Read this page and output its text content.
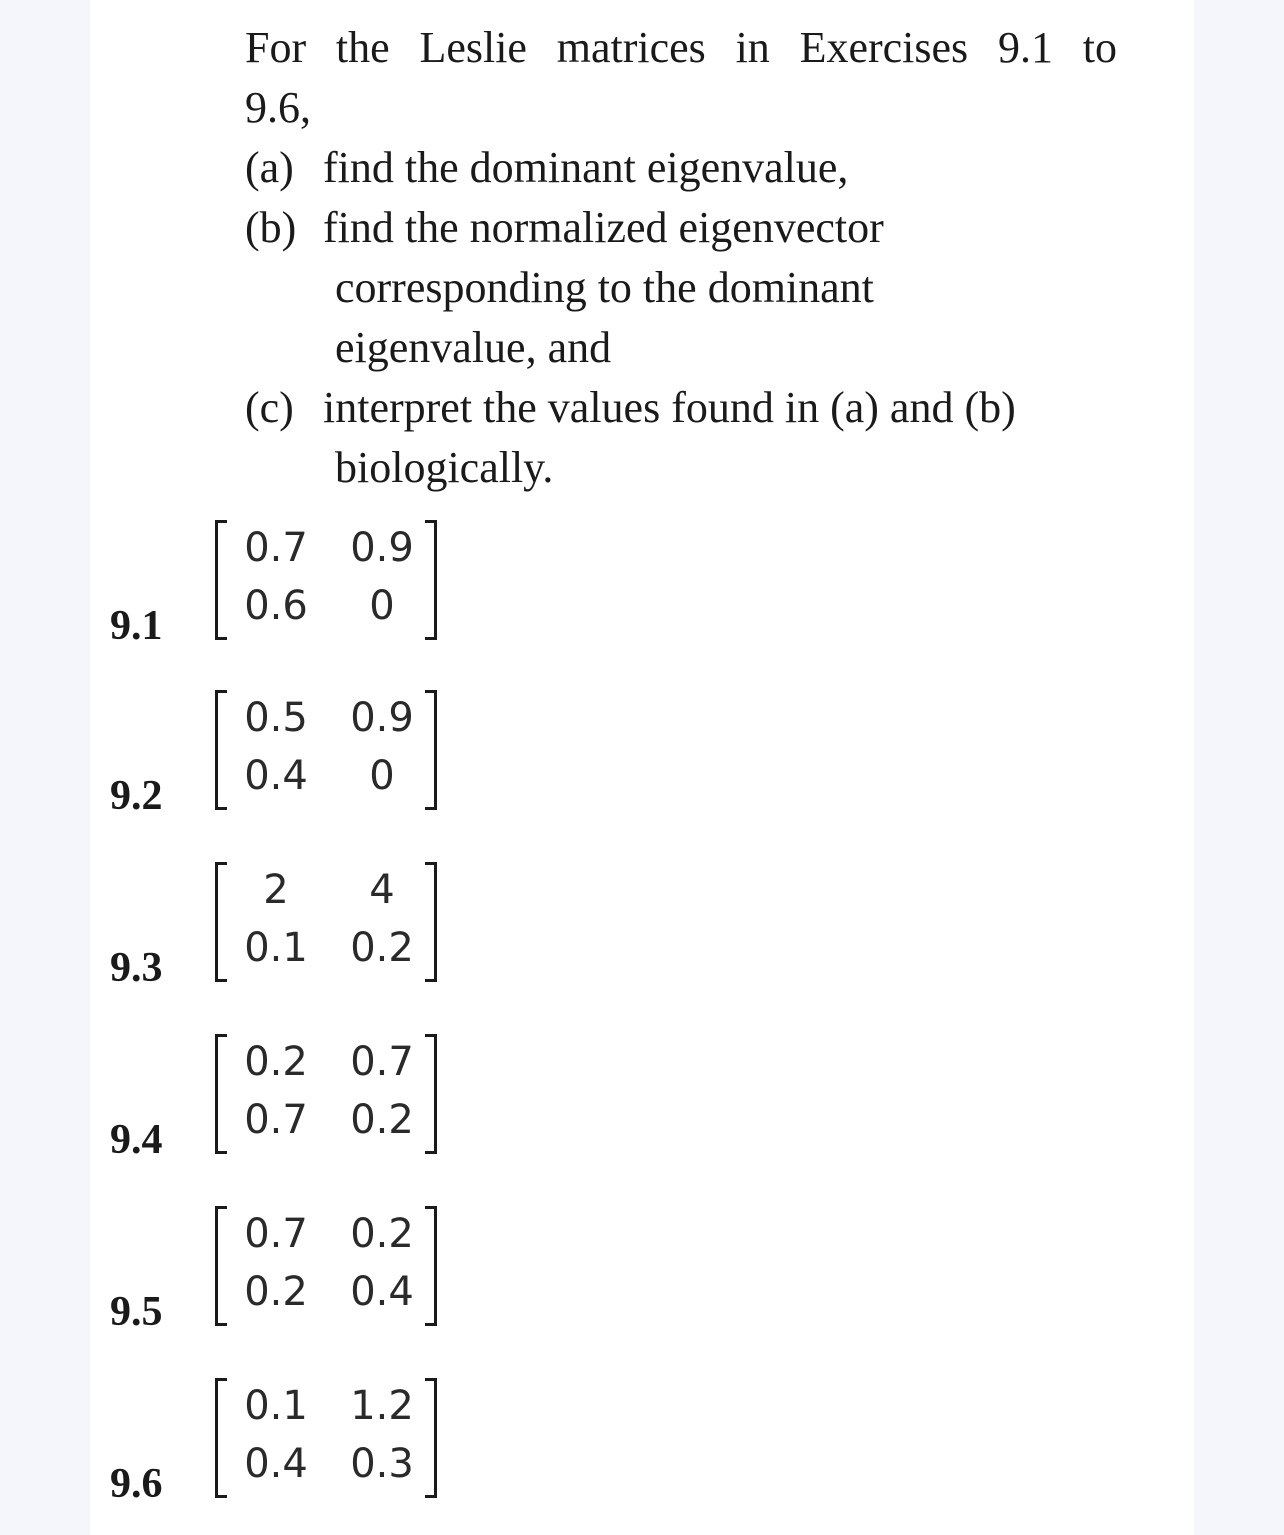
For the Leslie matrices in Exercises 9.1 to
9.6,
(a) find the dominant eigenvalue,
(b) find the normalized eigenvector
corresponding to the dominant
eigenvalue, and
(c) interpret the values found in (a) and (b)
biologically.
9.1
0.7	0.9
0.6	0
9.2
0.5	0.9
0.4	0
9.3
2	4
0.1	0.2
9.4
0.2	0.7
0.7	0.2
9.5
0.7	0.2
0.2	0.4
9.6
0.1	1.2
0.4	0.3
